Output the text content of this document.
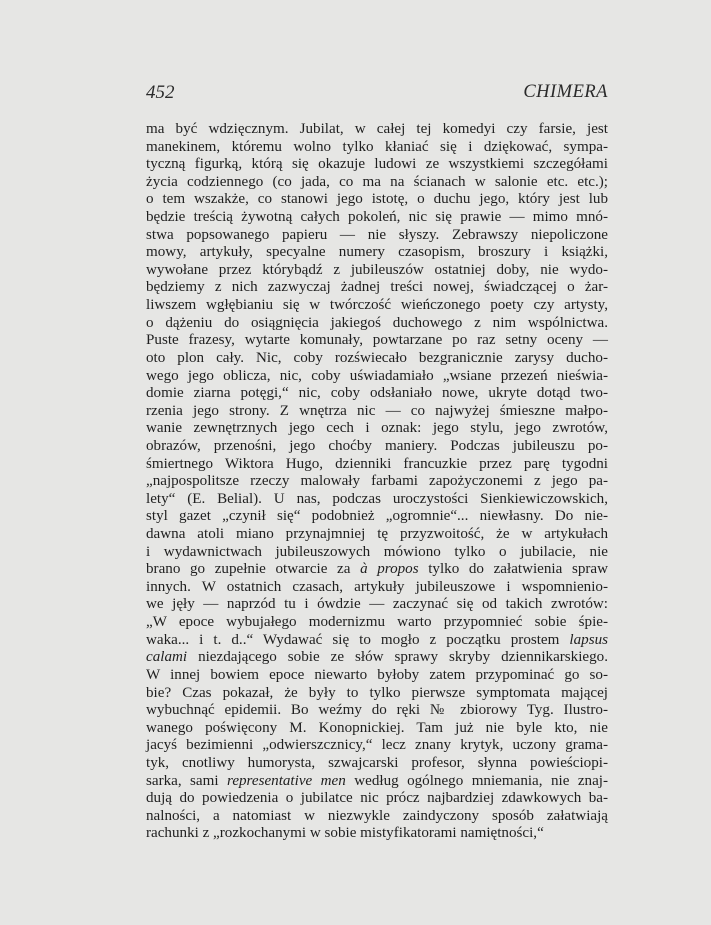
452	CHIMERA
ma być wdzięcznym. Jubilat, w całej tej komedyi czy farsie, jest
manekinem, któremu wolno tylko kłaniać się i dziękować, sympa-
tyczną figurką, którą się okazuje ludowi ze wszystkiemi szczegółami
życia codziennego (co jada, co ma na ścianach w salonie etc. etc.);
o tem wszakże, co stanowi jego istotę, o duchu jego, który jest lub
będzie treścią żywotną całych pokoleń, nic się prawie — mimo mnó-
stwa popsowanego papieru — nie słyszy. Zebrawszy niepoliczone
mowy, artykuły, specyalne numery czasopism, broszury i książki,
wywołane przez którybądź z jubileuszów ostatniej doby, nie wydo-
będziemy z nich zazwyczaj żadnej treści nowej, świadczącej o żar-
liwszem wgłębianiu się w twórczość wieńczonego poety czy artysty,
o dążeniu do osiągnięcia jakiegoś duchowego z nim wspólnictwa.
Puste frazesy, wytarte komunały, powtarzane po raz setny oceny —
oto plon cały. Nic, coby rozświecało bezgranicznie zarysy ducho-
wego jego oblicza, nic, coby uświadamiało „wsiane przezeń nieświa-
domie ziarna potęgi,“ nic, coby odsłaniało nowe, ukryte dotąd two-
rzenia jego strony. Z wnętrza nic — co najwyżej śmieszne małpo-
wanie zewnętrznych jego cech i oznak: jego stylu, jego zwrotów,
obrazów, przenośni, jego choćby maniery. Podczas jubileuszu po-
śmiertnego Wiktora Hugo, dzienniki francuzkie przez parę tygodni
„najpospolitsze rzeczy malowały farbami zapożyczonemi z jego pa-
lety“ (E. Belial). U nas, podczas uroczystości Sienkiewiczowskich,
styl gazet „czynił się“ podobnież „ogromnie“... niewłasny. Do nie-
dawna atoli miano przynajmniej tę przyzwoitość, że w artykułach
i wydawnictwach jubileuszowych mówiono tylko o jubilacie, nie
brano go zupełnie otwarcie za à propos tylko do załatwienia spraw
innych. W ostatnich czasach, artykuły jubileuszowe i wspomnienio-
we jęły — naprzód tu i ówdzie — zaczynać się od takich zwrotów:
„W epoce wybujałego modernizmu warto przypomnieć sobie śpie-
waka... i t. d..“ Wydawać się to mogło z początku prostem lapsus
calami niezdającego sobie ze słów sprawy skryby dziennikarskiego.
W innej bowiem epoce niewarto byłoby zatem przypominać go so-
bie? Czas pokazał, że były to tylko pierwsze symptomata mającej
wybuchnąć epidemii. Bo weźmy do ręki № zbiorowy Tyg. Ilustro-
wanego poświęcony M. Konopnickiej. Tam już nie byle kto, nie
jacyś bezimienni „odwierszcznicy,“ lecz znany krytyk, uczony grama-
tyk, cnotliwy humorysta, szwajcarski profesor, słynna powieściopi-
sarka, sami representative men według ogólnego mniemania, nie znaj-
dują do powiedzenia o jubilatce nic prócz najbardziej zdawkowych ba-
nalności, a natomiast w niezwykle zaindyczony sposób załatwiają
rachunki z „rozkochanymi w sobie mistyfikatorami namiętności,“
